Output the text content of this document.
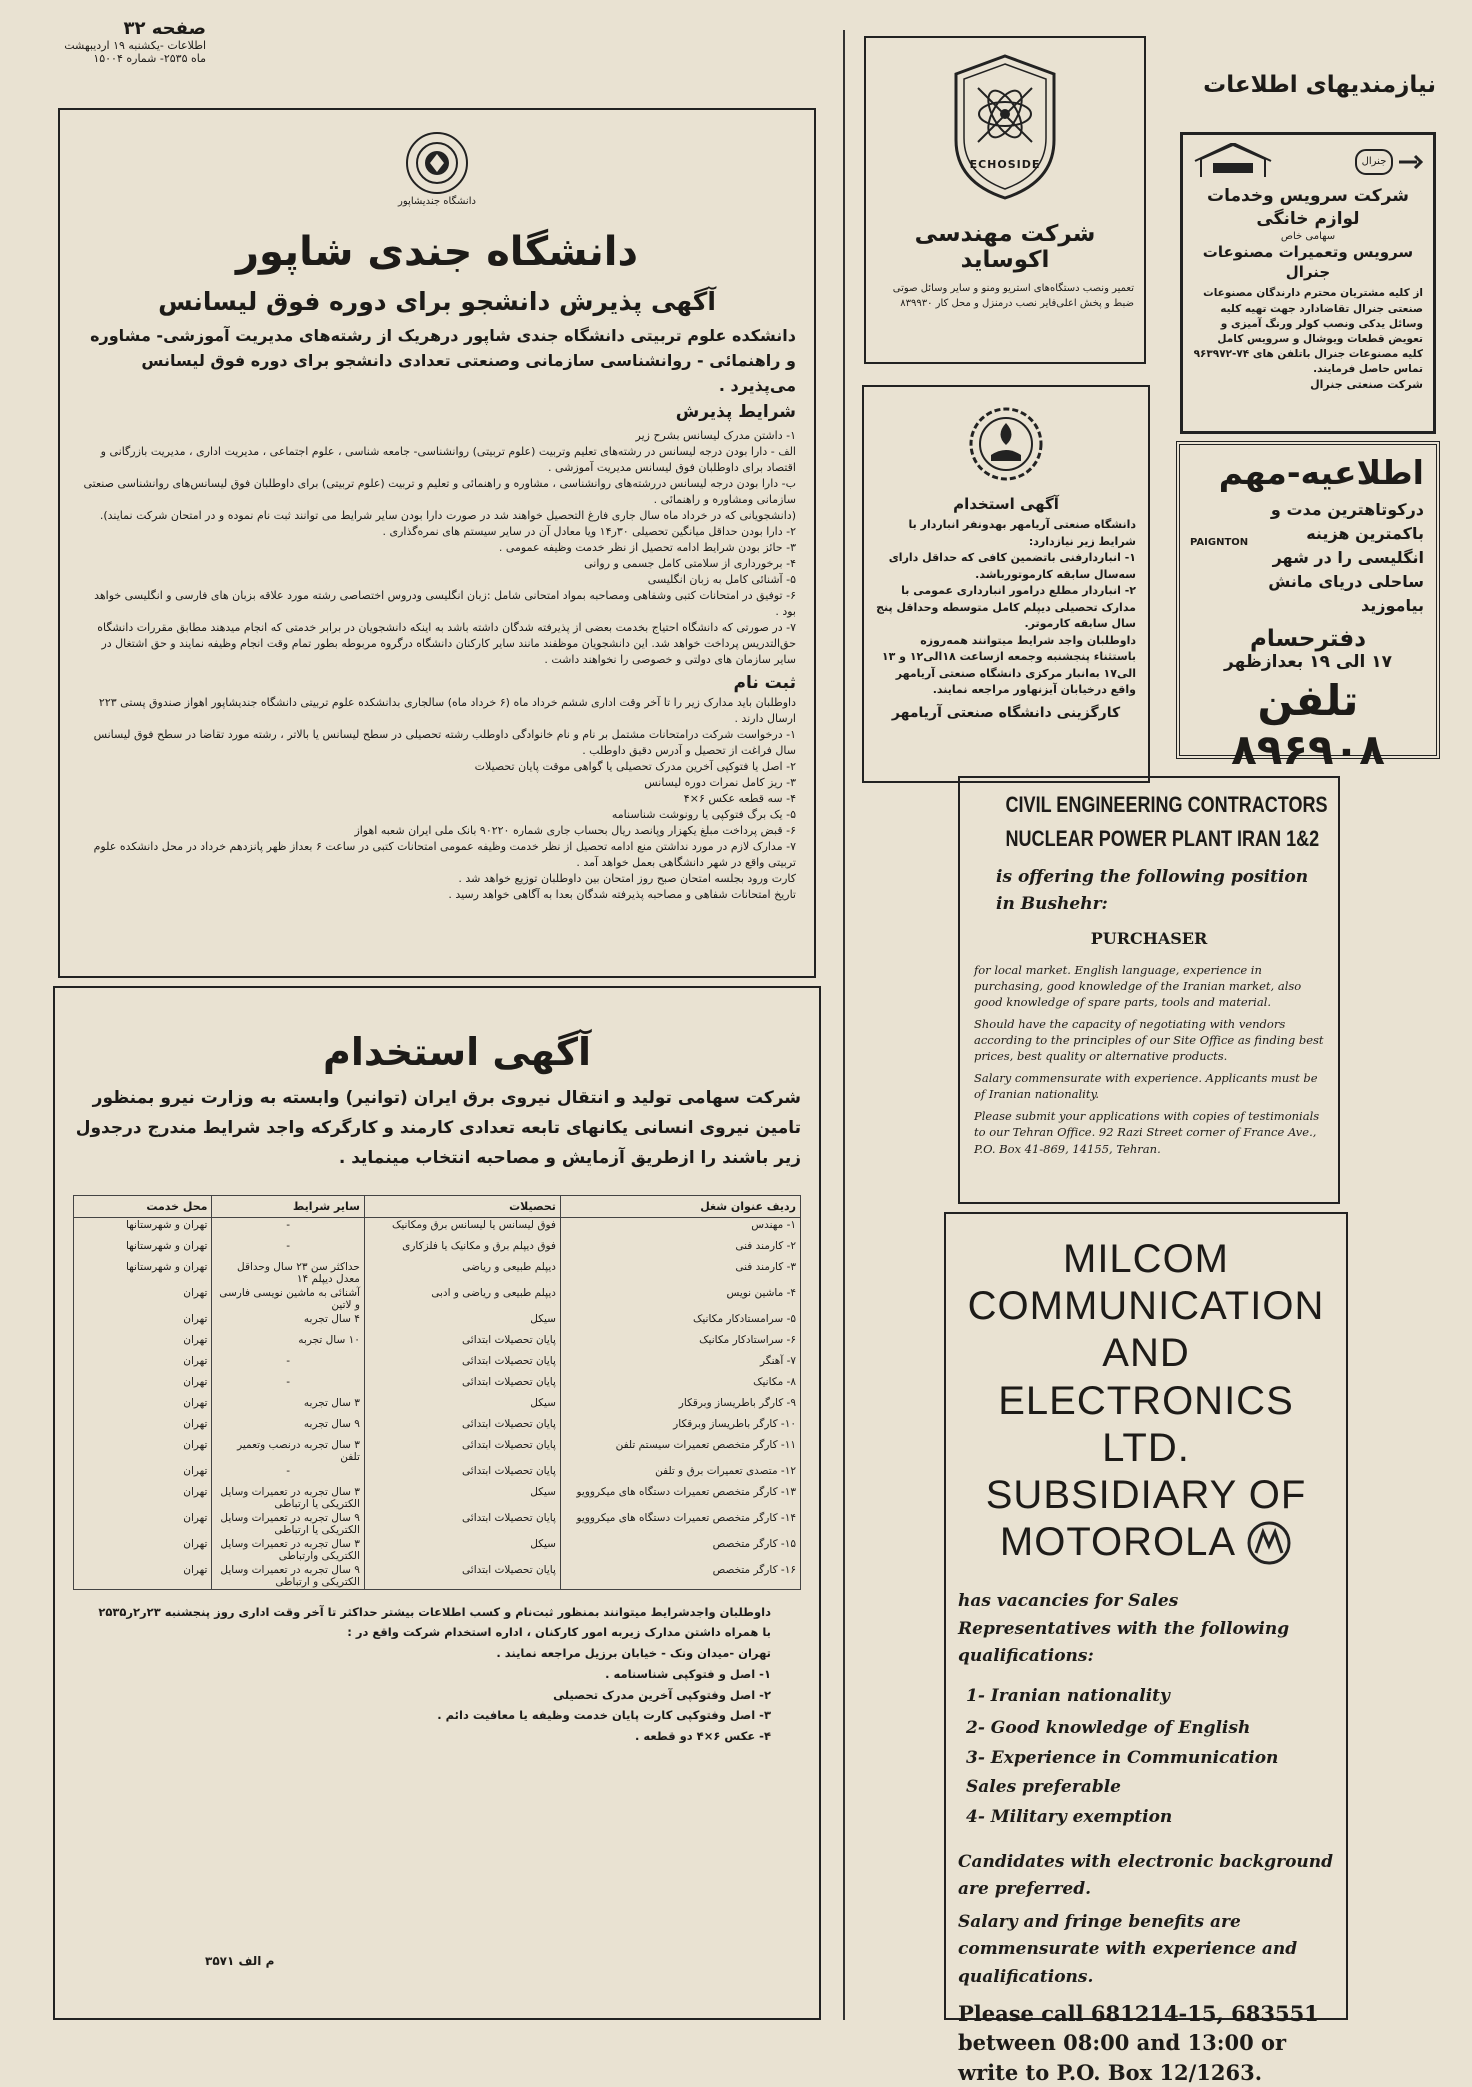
صفحه ۳۲
اطلاعات -یکشنبه ۱۹ اردیبهشت
ماه ۲۵۳۵- شماره ۱۵۰۰۴
دانشگاه جندیشاپور
دانشگاه جندی شاپور
آگهی پذیرش دانشجو برای دوره فوق لیسانس

دانشکده علوم تربیتی دانشگاه جندی شاپور درهریک از رشته‌های مدیریت آموزشی- مشاوره و راهنمائی - روانشناسی سازمانی وصنعتی تعدادی دانشجو برای دوره فوق لیسانس می‌پذیرد .

شرایط پذیرش

۱- داشتن مدرک لیسانس بشرح زیر

الف - دارا بودن درجه لیسانس در رشته‌های تعلیم وتربیت (علوم تربیتی) روانشناسی- جامعه شناسی ، علوم اجتماعی ، مدیریت اداری ، مدیریت بازرگانی و اقتصاد برای داوطلبان فوق لیسانس مدیریت آموزشی .

ب- دارا بودن درجه لیسانس دررشته‌های روانشناسی ، مشاوره و راهنمائی و تعلیم و تربیت (علوم تربیتی) برای داوطلبان فوق لیسانس‌های روانشناسی صنعتی سازمانی ومشاوره و راهنمائی .

(دانشجویانی که در خرداد ماه سال جاری فارغ التحصیل خواهند شد در صورت دارا بودن سایر شرایط می توانند ثبت نام نموده و در امتحان شرکت نمایند).

۲- دارا بودن حداقل میانگین تحصیلی ۳۰ر۱۴ ویا معادل آن در سایر سیستم های نمره‌گذاری .

۳- حائز بودن شرایط ادامه تحصیل از نظر خدمت وظیفه عمومی .

۴- برخورداری از سلامتی کامل جسمی و روانی

۵- آشنائی کامل به زبان انگلیسی

۶- توفیق در امتحانات کتبی وشفاهی ومصاحبه بمواد امتحانی شامل :زبان انگلیسی ودروس اختصاصی رشته مورد علاقه بزبان های فارسی و انگلیسی خواهد بود .

۷- در صورتی که دانشگاه احتیاج بخدمت بعضی از پذیرفته شدگان داشته باشد به اینکه دانشجویان در برابر خدمتی که انجام میدهند مطابق مقررات دانشگاه حق‌التدریس پرداخت خواهد شد. این دانشجویان موظفند مانند سایر کارکنان دانشگاه درگروه مربوطه بطور تمام وقت انجام وظیفه نمایند و حق اشتغال در سایر سازمان های دولتی و خصوصی را نخواهند داشت .

ثبت نام

داوطلبان باید مدارک زیر را تا آخر وقت اداری ششم خرداد ماه (۶ خرداد ماه) سالجاری بدانشکده علوم تربیتی دانشگاه جندیشاپور اهواز صندوق پستی ۲۲۳ ارسال دارند .

۱- درخواست شرکت درامتحانات مشتمل بر نام و نام خانوادگی داوطلب رشته تحصیلی در سطح لیسانس یا بالاتر ، رشته مورد تقاضا در سطح فوق لیسانس سال فراغت از تحصیل و آدرس دقیق داوطلب .

۲- اصل یا فتوکپی آخرین مدرک تحصیلی یا گواهی موقت پایان تحصیلات

۳- ریز کامل نمرات دوره لیسانس

۴- سه قطعه عکس ۶×۴

۵- یک برگ فتوکپی یا رونوشت شناسنامه

۶- قبض پرداخت مبلغ یکهزار وپانصد ریال بحساب جاری شماره ۹۰۲۲۰ بانک ملی ایران شعبه اهواز

۷- مدارک لازم در مورد نداشتن منع ادامه تحصیل از نظر خدمت وظیفه عمومی امتحانات کتبی در ساعت ۶ بعداز ظهر پانزدهم خرداد در محل دانشکده علوم تربیتی واقع در شهر دانشگاهی بعمل خواهد آمد .

کارت ورود بجلسه امتحان صبح روز امتحان بین داوطلبان توزیع خواهد شد .

تاریخ امتحانات شفاهی و مصاحبه پذیرفته شدگان بعدا به آگاهی خواهد رسید .

آگهی استخدام

شرکت سهامی تولید و انتقال نیروی برق ایران (توانیر) وابسته به وزارت نیرو بمنظور تامین نیروی انسانی یکانهای تابعه تعدادی کارمند و کارگرکه واجد شرایط مندرج درجدول زیر باشند را ازطریق آزمایش و مصاحبه انتخاب مینماید .

ردیف عنوان شغل	تحصیلات	سایر شرایط	محل خدمت
۱- مهندس	فوق لیسانس یا لیسانس برق ومکانیک	-	تهران و شهرستانها
۲- کارمند فنی	فوق دیپلم برق و مکانیک یا فلزکاری	-	تهران و شهرستانها
۳- کارمند فنی	دیپلم طبیعی و ریاضی	حداکثر سن ۲۳ سال وحداقل معدل دیپلم ۱۴	تهران و شهرستانها
۴- ماشین نویس	دیپلم طبیعی و ریاضی و ادبی	آشنائی به ماشین نویسی فارسی و لاتین	تهران
۵- سرامستادکار مکانیک	سیکل	۴ سال تجربه	تهران
۶- سراستادکار مکانیک	پایان تحصیلات ابتدائی	۱۰ سال تجربه	تهران
۷- آهنگر	پایان تحصیلات ابتدائی	-	تهران
۸- مکانیک	پایان تحصیلات ابتدائی	-	تهران
۹- کارگر باطریساز وبرقکار	سیکل	۳ سال تجربه	تهران
۱۰- کارگر باطریساز وبرقکار	پایان تحصیلات ابتدائی	۹ سال تجربه	تهران
۱۱- کارگر متخصص تعمیرات سیستم تلفن	پایان تحصیلات ابتدائی	۳ سال تجربه درنصب وتعمیر تلفن	تهران
۱۲- متصدی تعمیرات برق و تلفن	پایان تحصیلات ابتدائی	-	تهران
۱۳- کارگر متخصص تعمیرات دستگاه های میکروویو	سیکل	۳ سال تجربه در تعمیرات وسایل الکتریکی یا ارتباطی	تهران
۱۴- کارگر متخصص تعمیرات دستگاه های میکروویو	پایان تحصیلات ابتدائی	۹ سال تجربه در تعمیرات وسایل الکتریکی یا ارتباطی	تهران
۱۵- کارگر متخصص	سیکل	۳ سال تجربه در تعمیرات وسایل الکتریکی وارتباطی	تهران
۱۶- کارگر متخصص	پایان تحصیلات ابتدائی	۹ سال تجربه در تعمیرات وسایل الکتریکی و ارتباطی	تهران

داوطلبان واجدشرایط میتوانند بمنظور ثبت‌نام و کسب اطلاعات بیشتر حداکثر تا آخر وقت اداری روز پنجشنبه ۲۳ر۲ر۲۵۳۵

با همراه داشتن مدارک زیربه امور کارکنان ، اداره استخدام شرکت واقع در :

تهران -میدان ونک - خیابان برزیل مراجعه نمایند .

۱- اصل و فتوکپی شناسنامه .

۲- اصل وفتوکپی آخرین مدرک تحصیلی

۳- اصل وفتوکپی کارت پایان خدمت وظیفه یا معافیت دائم .

۴- عکس ۶×۴ دو قطعه .

م الف ۳۵۷۱
ECHOSIDE
شرکت مهندسی اکوساید

تعمیر ونصب دستگاه‌های استریو ومنو و سایر وسائل صوتی ضبط و پخش اعلی‌فایر نصب درمنزل و محل کار ۸۳۹۹۳۰

آگهی استخدام

دانشگاه صنعتی آریامهر بهدونفر انباردار با شرایط زیر نیازدارد:

۱- انباردارفنی باتضمین کافی که حداقل دارای سه‌سال سابقه کارموتورباشد.

۲- انباردار مطلع درامور انبارداری عمومی با مدارک تحصیلی دیپلم کامل متوسطه وحداقل پنج سال سابقه کارموتر.

داوطلبان واجد شرایط میتوانند همه‌روزه باستثناء پنجشنبه وجمعه ازساعت ۱۸الی۱۲ و ۱۳ الی۱۷ به‌انبار مرکزی دانشگاه صنعتی آریامهر واقع درخیابان آیزنهاور مراجعه نمایند.

کارگزینی دانشگاه صنعتی آریامهر
نیازمندیهای اطلاعات
جنرال
شرکت سرویس وخدمات
لوازم خانگی
سهامی خاص
سرویس وتعمیرات مصنوعات
جنرال

از کلیه مشتریان محترم دارندگان مصنوعات صنعتی جنرال تقاضادارد جهت تهیه کلیه وسائل یدکی ونصب کولر ورنگ آمیزی و تعویض قطعات ویوشال و سرویس کامل کلیه مصنوعات جنرال باتلفن های ۷۴-۹۶۳۹۷۲ تماس حاصل فرمایند.

شرکت صنعتی جنرال
اطلاعیه-مهم

درکوتاهترین مدت و باکمترین هزینه انگلیسی را در شهر ساحلی دریای مانش بیاموزید

PAIGNTON
دفترحسام
۱۷ الی ۱۹ بعدازظهر
تلفن ۸۹۶۹۰۸
CIVIL ENGINEERING CONTRACTORS
NUCLEAR POWER PLANT IRAN 1&2

is offering the following position in Bushehr:

PURCHASER

for local market. English language, experience in purchasing, good knowledge of the Iranian market, also good knowledge of spare parts, tools and material.

Should have the capacity of negotiating with vendors according to the principles of our Site Office as finding best prices, best quality or alternative products.

Salary commensurate with experience. Applicants must be of Iranian nationality.

Please submit your applications with copies of testimonials to our Tehran Office. 92 Razi Street corner of France Ave., P.O. Box 41-869, 14155, Tehran.

MILCOM
COMMUNICATION
AND ELECTRONICS
LTD.
SUBSIDIARY OF
MOTOROLA

has vacancies for Sales Representatives with the following qualifications:

1- Iranian nationality

2- Good knowledge of English

3- Experience in Communication Sales preferable

4- Military exemption

Candidates with electronic background are preferred.

Salary and fringe benefits are commensurate with experience and qualifications.

Please call 681214-15, 683551 between 08:00 and 13:00 or write to P.O. Box 12/1263.
